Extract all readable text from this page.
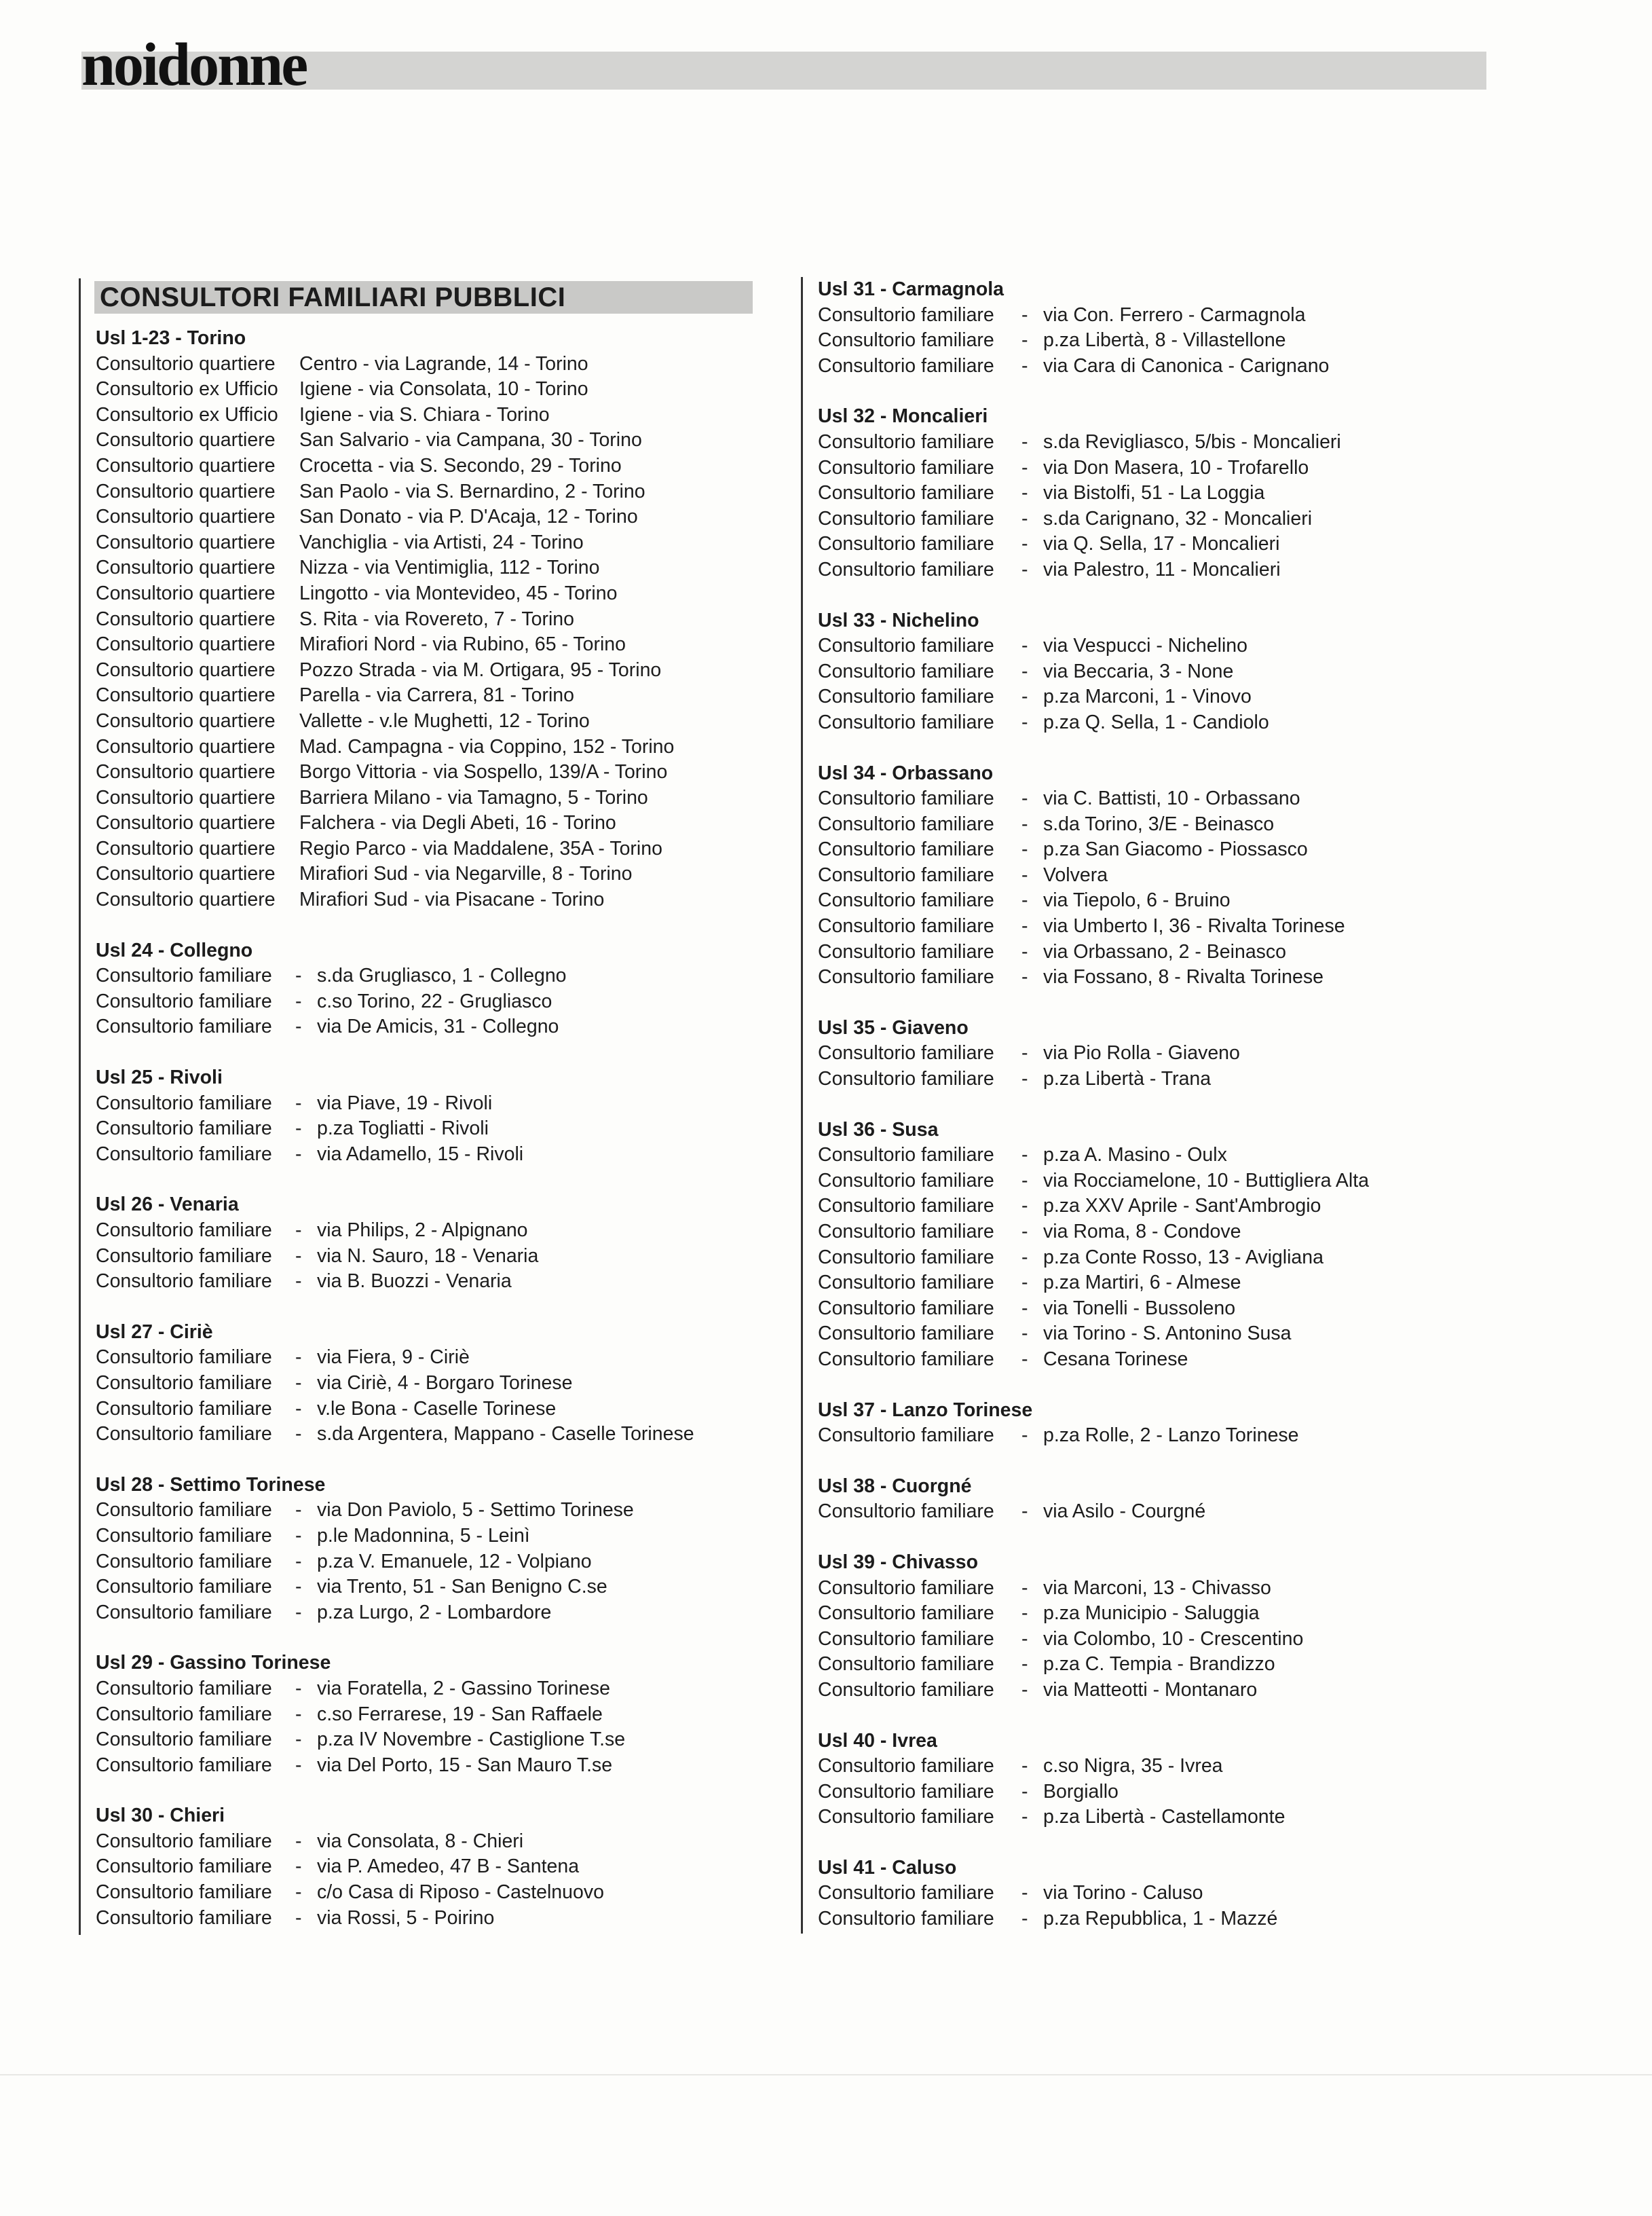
noidonne
CONSULTORI FAMILIARI PUBBLICI
Usl 1-23 - Torino
Consultorio quartiere Centro - via Lagrande, 14 - Torino
Consultorio ex Ufficio Igiene - via Consolata, 10 - Torino
Consultorio ex Ufficio Igiene - via S. Chiara - Torino
Consultorio quartiere San Salvario - via Campana, 30 - Torino
Consultorio quartiere Crocetta - via S. Secondo, 29 - Torino
Consultorio quartiere San Paolo - via S. Bernardino, 2 - Torino
Consultorio quartiere San Donato - via P. D'Acaja, 12 - Torino
Consultorio quartiere Vanchiglia - via Artisti, 24 - Torino
Consultorio quartiere Nizza - via Ventimiglia, 112 - Torino
Consultorio quartiere Lingotto - via Montevideo, 45 - Torino
Consultorio quartiere S. Rita - via Rovereto, 7 - Torino
Consultorio quartiere Mirafiori Nord - via Rubino, 65 - Torino
Consultorio quartiere Pozzo Strada - via M. Ortigara, 95 - Torino
Consultorio quartiere Parella - via Carrera, 81 - Torino
Consultorio quartiere Vallette - v.le Mughetti, 12 - Torino
Consultorio quartiere Mad. Campagna - via Coppino, 152 - Torino
Consultorio quartiere Borgo Vittoria - via Sospello, 139/A - Torino
Consultorio quartiere Barriera Milano - via Tamagno, 5 - Torino
Consultorio quartiere Falchera - via Degli Abeti, 16 - Torino
Consultorio quartiere Regio Parco - via Maddalene, 35A - Torino
Consultorio quartiere Mirafiori Sud - via Negarville, 8 - Torino
Consultorio quartiere Mirafiori Sud - via Pisacane - Torino
Usl 24 - Collegno
Consultorio familiare - s.da Grugliasco, 1 - Collegno
Consultorio familiare - c.so Torino, 22 - Grugliasco
Consultorio familiare - via De Amicis, 31 - Collegno
Usl 25 - Rivoli
Consultorio familiare - via Piave, 19 - Rivoli
Consultorio familiare - p.za Togliatti - Rivoli
Consultorio familiare - via Adamello, 15 - Rivoli
Usl 26 - Venaria
Consultorio familiare - via Philips, 2 - Alpignano
Consultorio familiare - via N. Sauro, 18 - Venaria
Consultorio familiare - via B. Buozzi - Venaria
Usl 27 - Ciriè
Consultorio familiare - via Fiera, 9 - Ciriè
Consultorio familiare - via Ciriè, 4 - Borgaro Torinese
Consultorio familiare - v.le Bona - Caselle Torinese
Consultorio familiare - s.da Argentera, Mappano - Caselle Torinese
Usl 28 - Settimo Torinese
Consultorio familiare - via Don Paviolo, 5 - Settimo Torinese
Consultorio familiare - p.le Madonnina, 5 - Leinì
Consultorio familiare - p.za V. Emanuele, 12 - Volpiano
Consultorio familiare - via Trento, 51 - San Benigno C.se
Consultorio familiare - p.za Lurgo, 2 - Lombardore
Usl 29 - Gassino Torinese
Consultorio familiare - via Foratella, 2 - Gassino Torinese
Consultorio familiare - c.so Ferrarese, 19 - San Raffaele
Consultorio familiare - p.za IV Novembre - Castiglione T.se
Consultorio familiare - via Del Porto, 15 - San Mauro T.se
Usl 30 - Chieri
Consultorio familiare - via Consolata, 8 - Chieri
Consultorio familiare - via P. Amedeo, 47 B - Santena
Consultorio familiare - c/o Casa di Riposo - Castelnuovo
Consultorio familiare - via Rossi, 5 - Poirino
Usl 31 - Carmagnola
Consultorio familiare - via Con. Ferrero - Carmagnola
Consultorio familiare - p.za Libertà, 8 - Villastellone
Consultorio familiare - via Cara di Canonica - Carignano
Usl 32 - Moncalieri
Consultorio familiare - s.da Revigliasco, 5/bis - Moncalieri
Consultorio familiare - via Don Masera, 10 - Trofarello
Consultorio familiare - via Bistolfi, 51 - La Loggia
Consultorio familiare - s.da Carignano, 32 - Moncalieri
Consultorio familiare - via Q. Sella, 17 - Moncalieri
Consultorio familiare - via Palestro, 11 - Moncalieri
Usl 33 - Nichelino
Consultorio familiare - via Vespucci - Nichelino
Consultorio familiare - via Beccaria, 3 - None
Consultorio familiare - p.za Marconi, 1 - Vinovo
Consultorio familiare - p.za Q. Sella, 1 - Candiolo
Usl 34 - Orbassano
Consultorio familiare - via C. Battisti, 10 - Orbassano
Consultorio familiare - s.da Torino, 3/E - Beinasco
Consultorio familiare - p.za San Giacomo - Piossasco
Consultorio familiare - Volvera
Consultorio familiare - via Tiepolo, 6 - Bruino
Consultorio familiare - via Umberto I, 36 - Rivalta Torinese
Consultorio familiare - via Orbassano, 2 - Beinasco
Consultorio familiare - via Fossano, 8 - Rivalta Torinese
Usl 35 - Giaveno
Consultorio familiare - via Pio Rolla - Giaveno
Consultorio familiare - p.za Libertà - Trana
Usl 36 - Susa
Consultorio familiare - p.za A. Masino - Oulx
Consultorio familiare - via Rocciamelone, 10 - Buttigliera Alta
Consultorio familiare - p.za XXV Aprile - Sant'Ambrogio
Consultorio familiare - via Roma, 8 - Condove
Consultorio familiare - p.za Conte Rosso, 13 - Avigliana
Consultorio familiare - p.za Martiri, 6 - Almese
Consultorio familiare - via Tonelli - Bussoleno
Consultorio familiare - via Torino - S. Antonino Susa
Consultorio familiare - Cesana Torinese
Usl 37 - Lanzo Torinese
Consultorio familiare - p.za Rolle, 2 - Lanzo Torinese
Usl 38 - Cuorgné
Consultorio familiare - via Asilo - Courgné
Usl 39 - Chivasso
Consultorio familiare - via Marconi, 13 - Chivasso
Consultorio familiare - p.za Municipio - Saluggia
Consultorio familiare - via Colombo, 10 - Crescentino
Consultorio familiare - p.za C. Tempia - Brandizzo
Consultorio familiare - via Matteotti - Montanaro
Usl 40 - Ivrea
Consultorio familiare - c.so Nigra, 35 - Ivrea
Consultorio familiare - Borgiallo
Consultorio familiare - p.za Libertà - Castellamonte
Usl 41 - Caluso
Consultorio familiare - via Torino - Caluso
Consultorio familiare - p.za Repubblica, 1 - Mazzé
